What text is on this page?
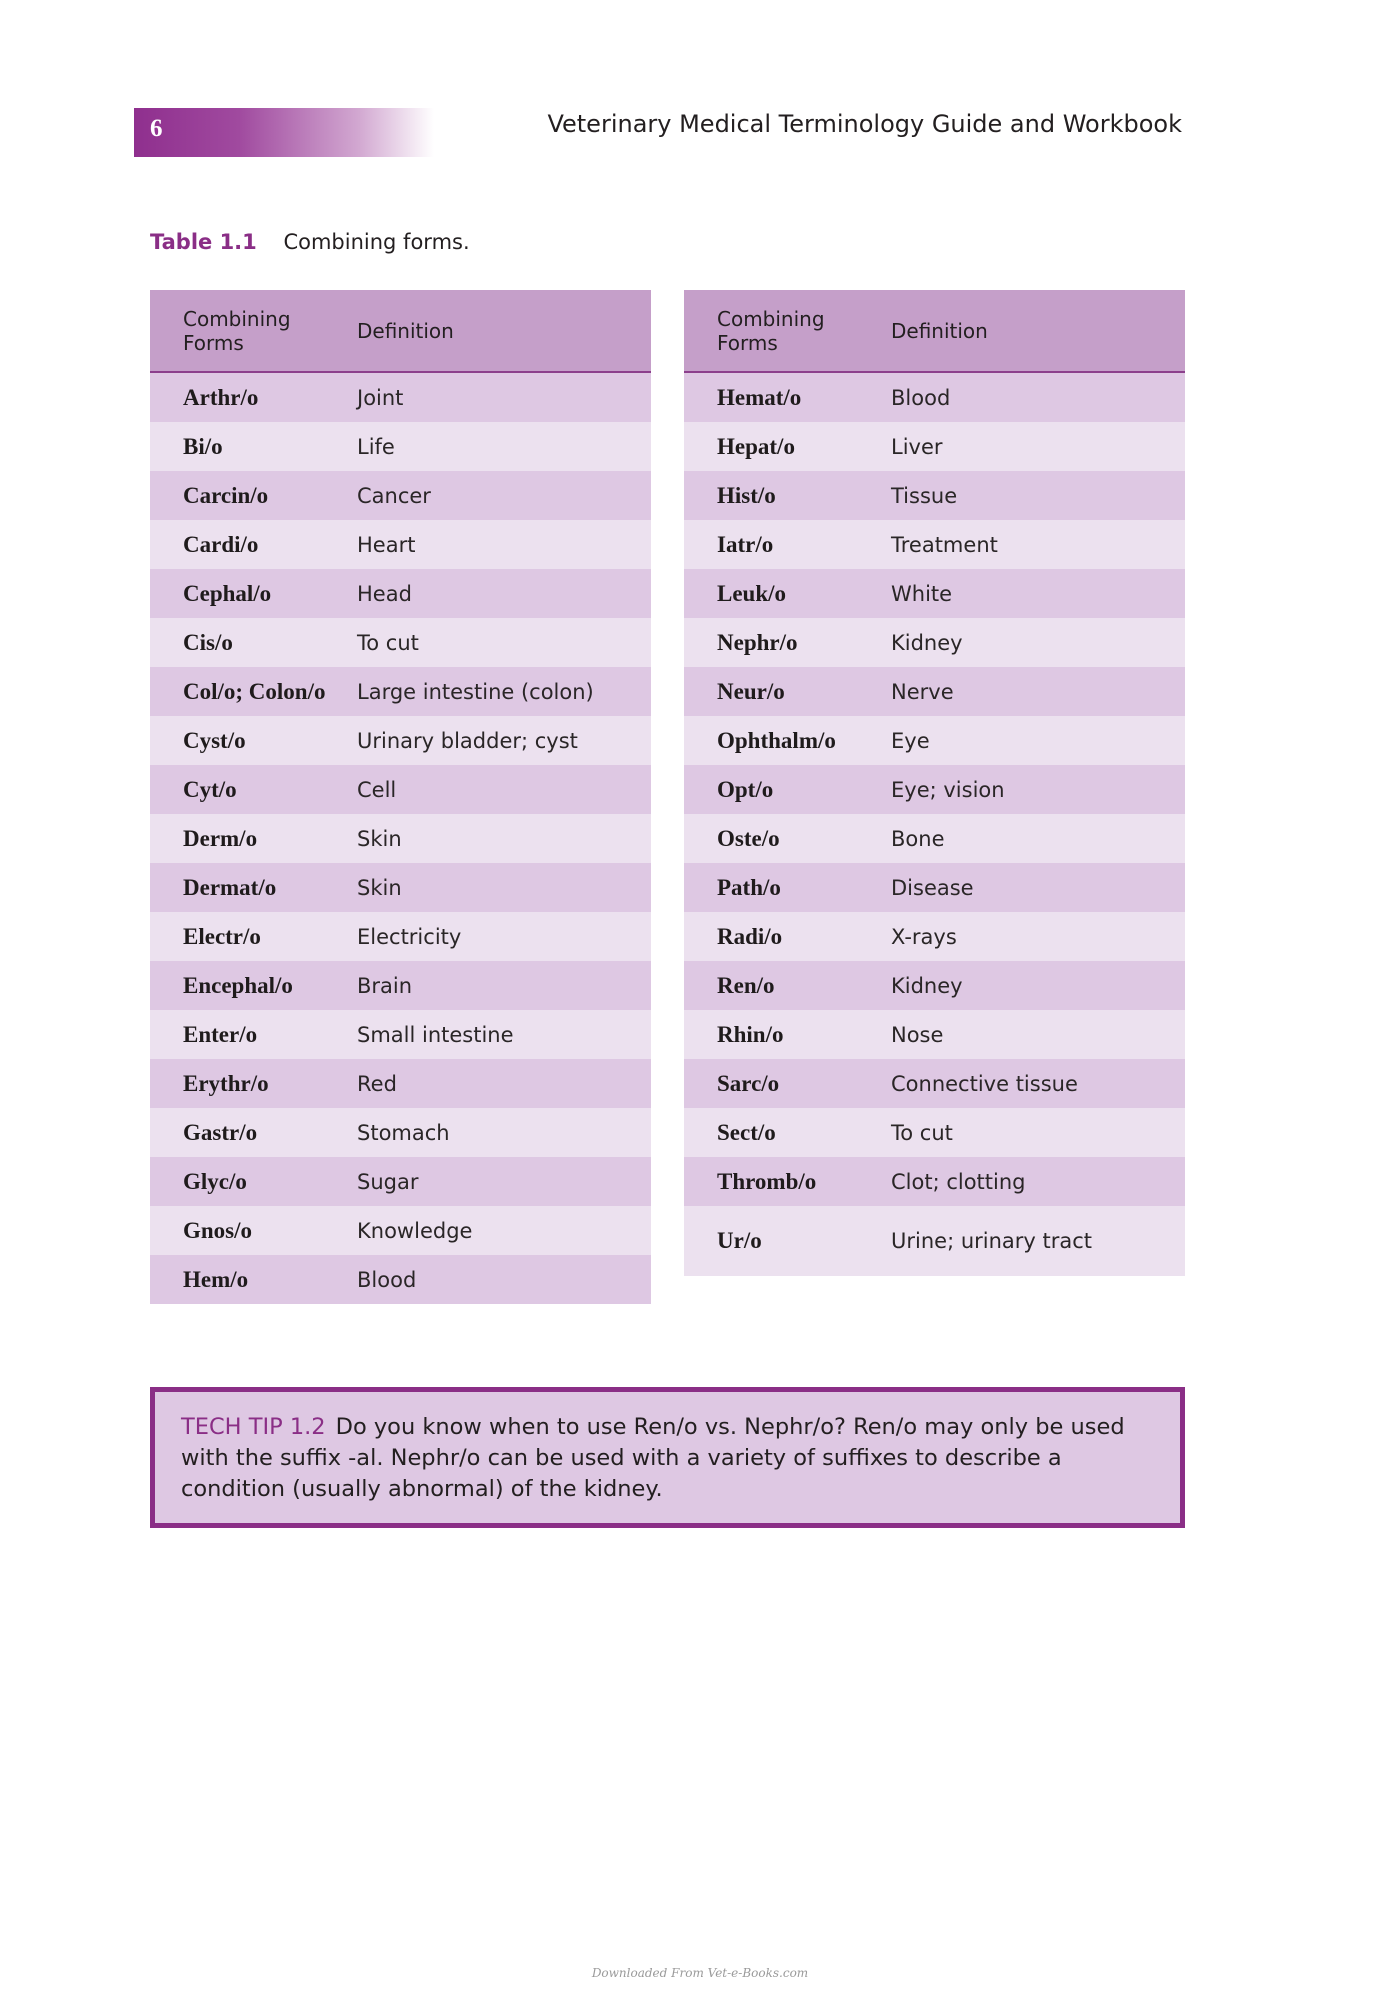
6	Veterinary Medical Terminology Guide and Workbook
Table 1.1 Combining forms.
Combining Forms	Definition
Arthr/o	Joint
Bi/o	Life
Carcin/o	Cancer
Cardi/o	Heart
Cephal/o	Head
Cis/o	To cut
Col/o; Colon/o	Large intestine (colon)
Cyst/o	Urinary bladder; cyst
Cyt/o	Cell
Derm/o	Skin
Dermat/o	Skin
Electr/o	Electricity
Encephal/o	Brain
Enter/o	Small intestine
Erythr/o	Red
Gastr/o	Stomach
Glyc/o	Sugar
Gnos/o	Knowledge
Hem/o	Blood
Combining Forms	Definition
Hemat/o	Blood
Hepat/o	Liver
Hist/o	Tissue
Iatr/o	Treatment
Leuk/o	White
Nephr/o	Kidney
Neur/o	Nerve
Ophthalm/o	Eye
Opt/o	Eye; vision
Oste/o	Bone
Path/o	Disease
Radi/o	X-rays
Ren/o	Kidney
Rhin/o	Nose
Sarc/o	Connective tissue
Sect/o	To cut
Thromb/o	Clot; clotting
Ur/o	Urine; urinary tract
TECH TIP 1.2 Do you know when to use Ren/o vs. Nephr/o? Ren/o may only be used with the suffix -al. Nephr/o can be used with a variety of suffixes to describe a condition (usually abnormal) of the kidney.
Downloaded From Vet-e-Books.com
